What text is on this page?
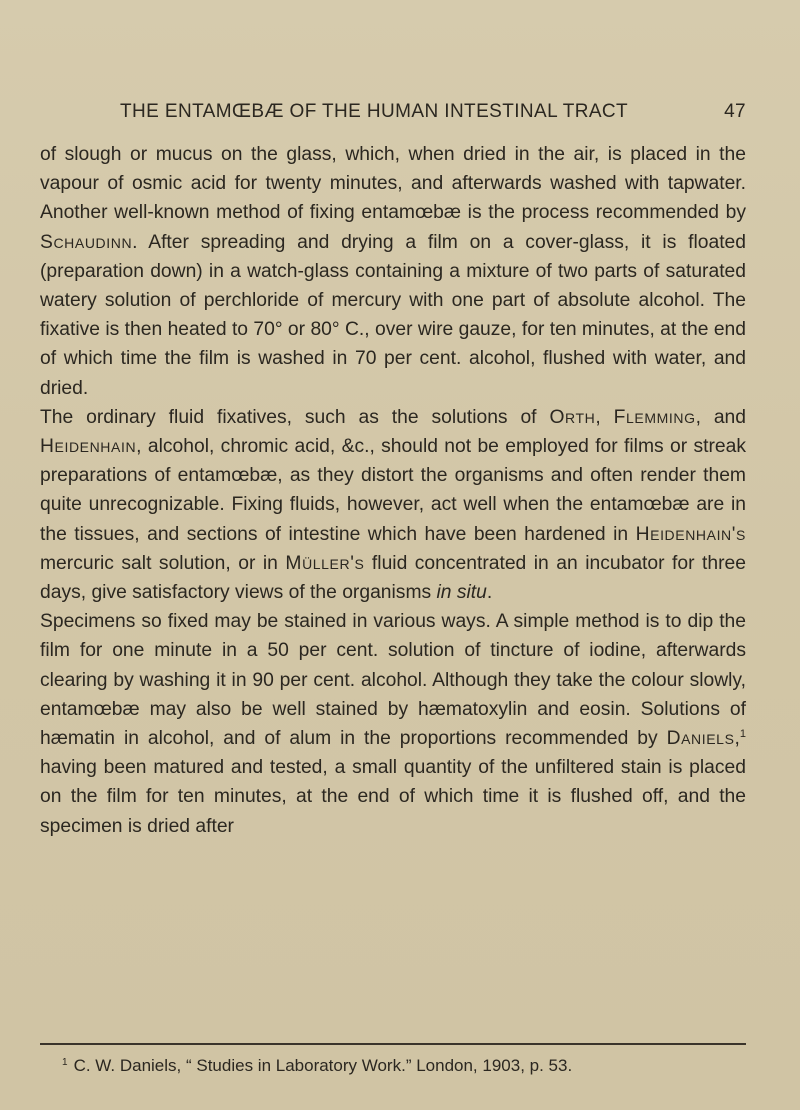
THE ENTAMŒBÆ OF THE HUMAN INTESTINAL TRACT	47

of slough or mucus on the glass, which, when dried in the air, is placed in the vapour of osmic acid for twenty minutes, and afterwards washed with tapwater. Another well-known method of fixing entamœbæ is the process recommended by Schaudinn. After spreading and drying a film on a cover-glass, it is floated (preparation down) in a watch-glass containing a mixture of two parts of saturated watery solution of perchloride of mercury with one part of absolute alcohol. The fixative is then heated to 70° or 80° C., over wire gauze, for ten minutes, at the end of which time the film is washed in 70 per cent. alcohol, flushed with water, and dried.

The ordinary fluid fixatives, such as the solutions of Orth, Flemming, and Heidenhain, alcohol, chromic acid, &c., should not be employed for films or streak preparations of entamœbæ, as they distort the organisms and often render them quite unrecognizable. Fixing fluids, however, act well when the entamœbæ are in the tissues, and sections of intestine which have been hardened in Heidenhain's mercuric salt solution, or in Müller's fluid concentrated in an incubator for three days, give satisfactory views of the organisms in situ.

Specimens so fixed may be stained in various ways. A simple method is to dip the film for one minute in a 50 per cent. solution of tincture of iodine, afterwards clearing by washing it in 90 per cent. alcohol. Although they take the colour slowly, entamœbæ may also be well stained by hæmatoxylin and eosin. Solutions of hæmatin in alcohol, and of alum in the proportions recommended by Daniels,$^1$ having been matured and tested, a small quantity of the unfiltered stain is placed on the film for ten minutes, at the end of which time it is flushed off, and the specimen is dried after

$^1$ C. W. Daniels, “ Studies in Laboratory Work.” London, 1903, p. 53.
